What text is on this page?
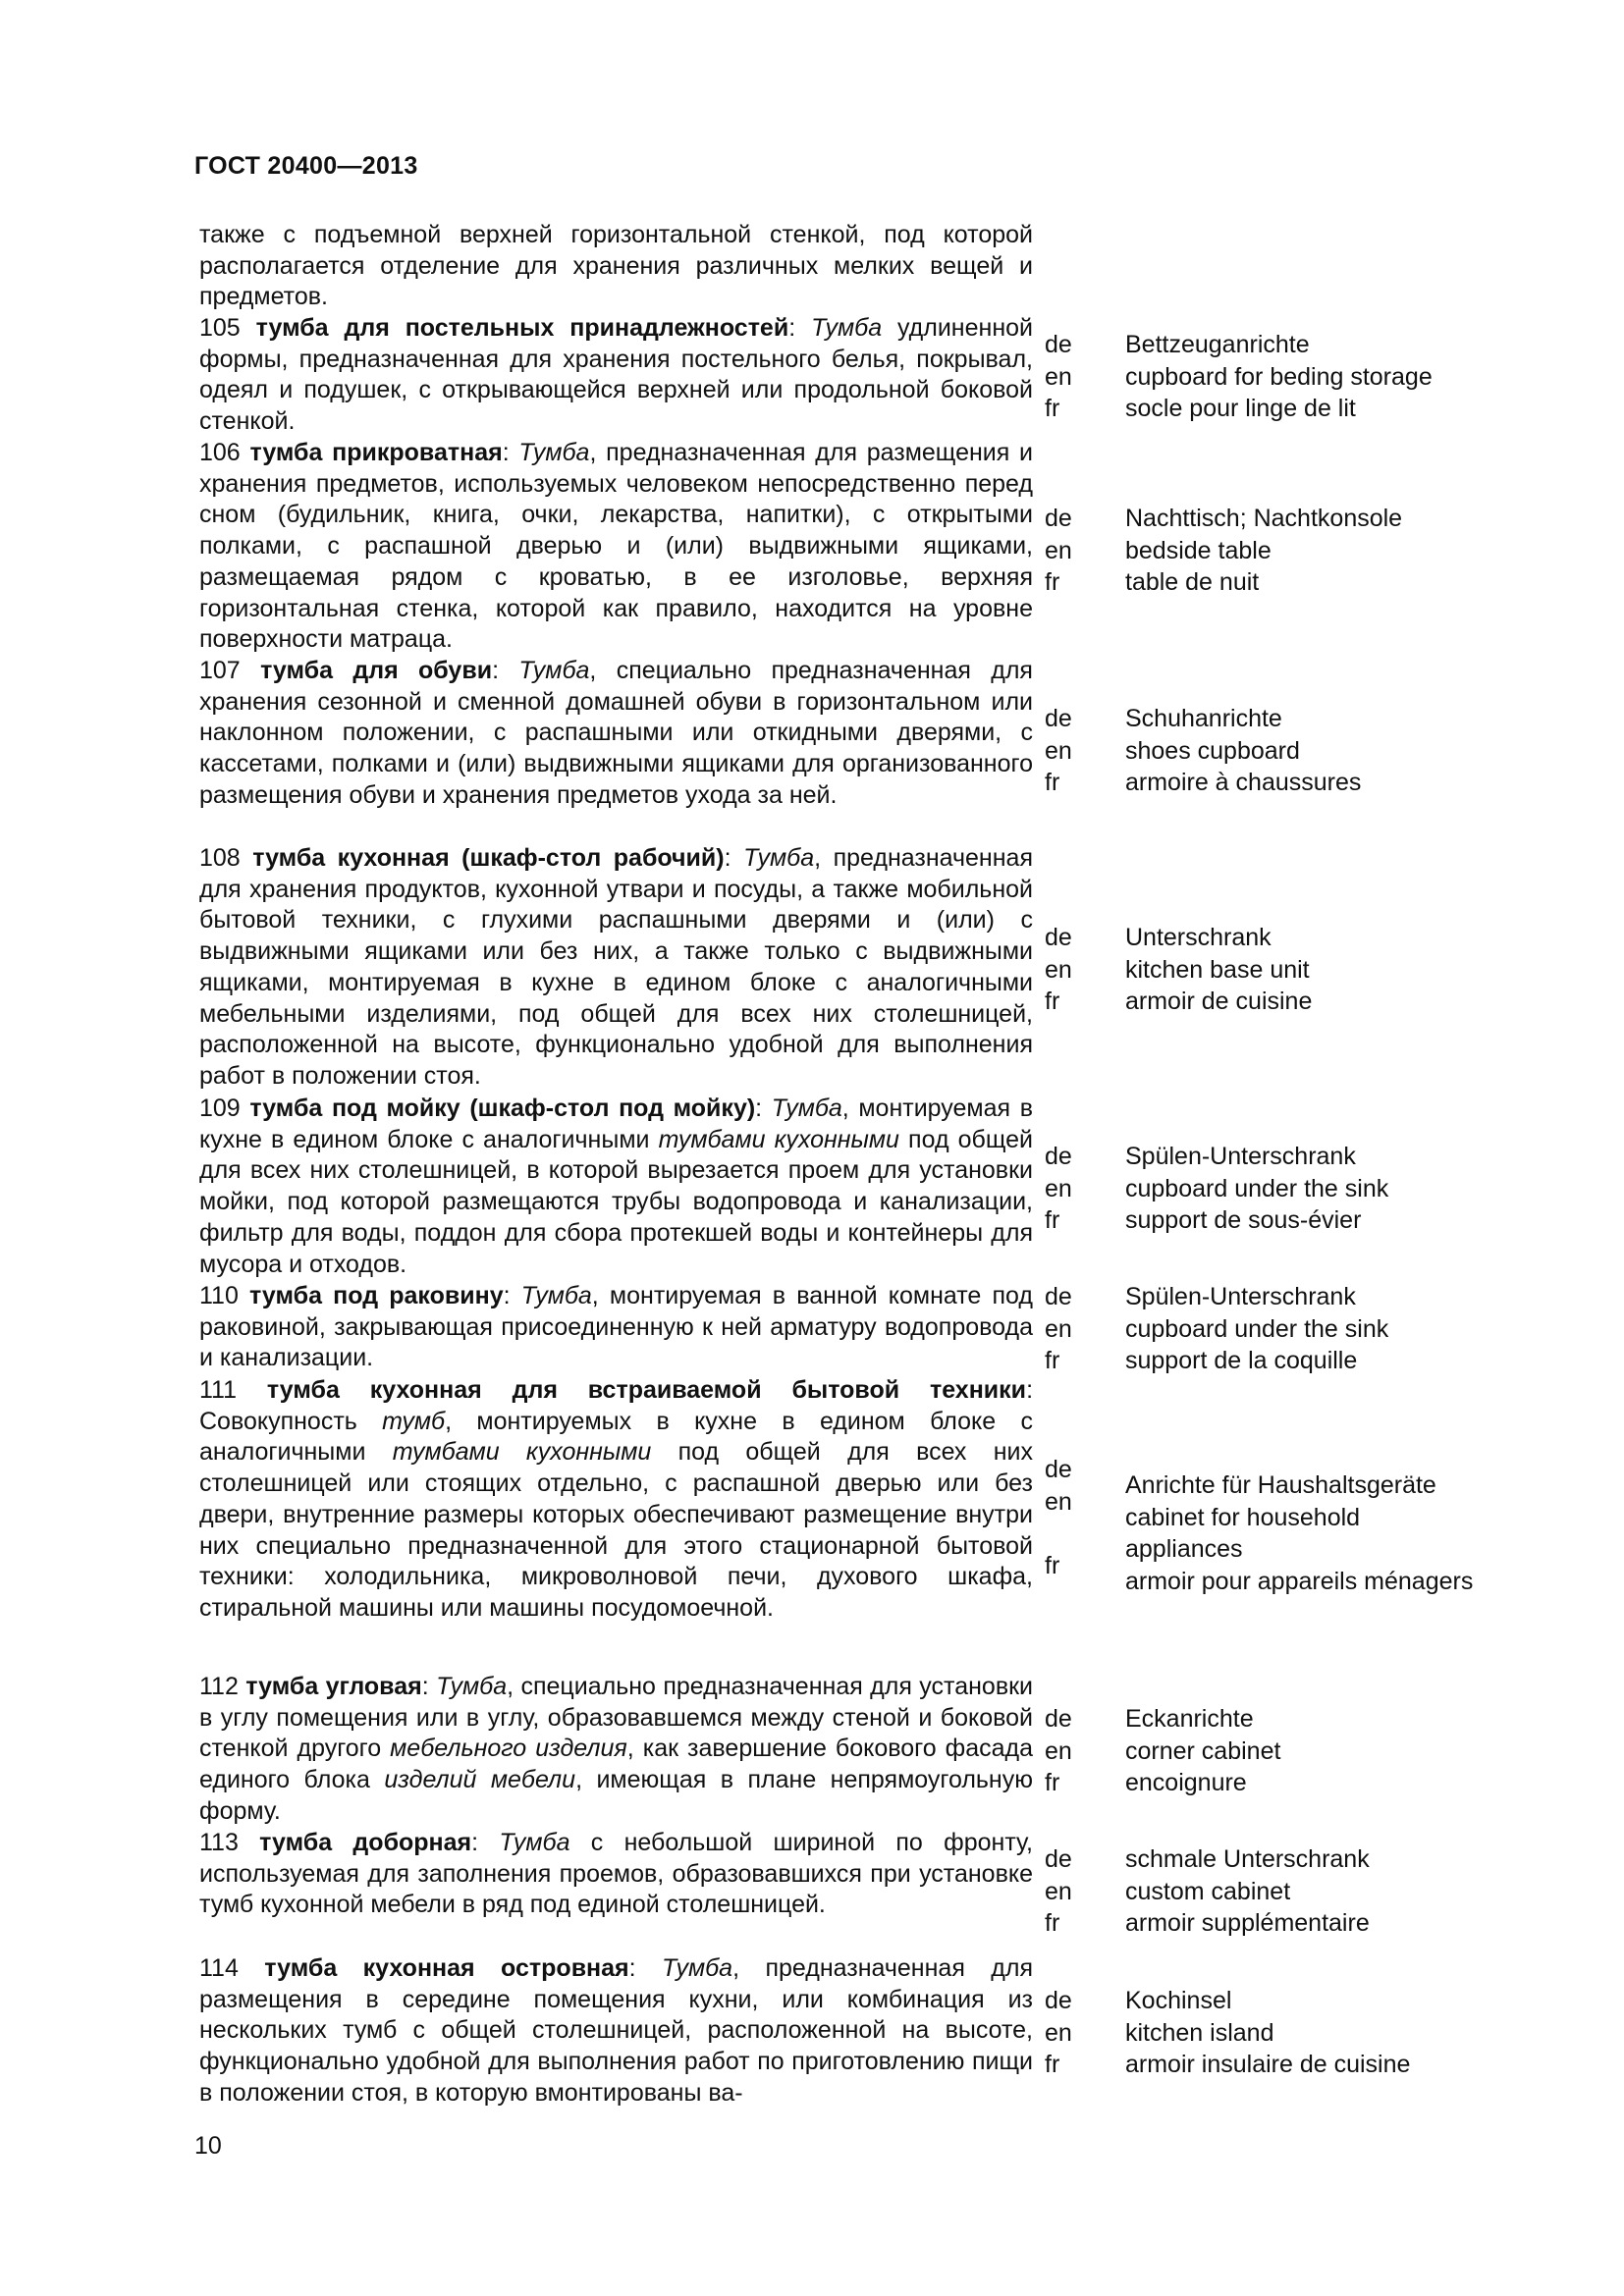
ГОСТ 20400—2013
также с подъемной верхней горизонтальной стенкой, под которой располагается отделение для хранения различных мелких вещей и предметов.
105 тумба для постельных принадлежностей: Тумба удлиненной формы, предназначенная для хранения постельного белья, покрывал, одеял и подушек, с открывающейся верхней или продольной боковой стенкой.
de
en
fr
Bettzeuganrichte
cupboard for beding storage
socle pour linge de lit
106 тумба прикроватная: Тумба, предназначенная для размещения и хранения предметов, используемых человеком непосредственно перед сном (будильник, книга, очки, лекарства, напитки), с открытыми полками, с распашной дверью и (или) выдвижными ящиками, размещаемая рядом с кроватью, в ее изголовье, верхняя горизонтальная стенка, которой как правило, находится на уровне поверхности матраца.
de
en
fr
Nachttisch; Nachtkonsole
bedside table
table de nuit
107 тумба для обуви: Тумба, специально предназначенная для хранения сезонной и сменной домашней обуви в горизонтальном или наклонном положении, с распашными или откидными дверями, с кассетами, полками и (или) выдвижными ящиками для организованного размещения обуви и хранения предметов ухода за ней.
de
en
fr
Schuhanrichte
shoes cupboard
armoire à chaussures
108 тумба кухонная (шкаф-стол рабочий): Тумба, предназначенная для хранения продуктов, кухонной утвари и посуды, а также мобильной бытовой техники, с глухими распашными дверями и (или) с выдвижными ящиками или без них, а также только с выдвижными ящиками, монтируемая в кухне в едином блоке с аналогичными мебельными изделиями, под общей для всех них столешницей, расположенной на высоте, функционально удобной для выполнения работ в положении стоя.
de
en
fr
Unterschrank
kitchen base unit
armoir de cuisine
109 тумба под мойку (шкаф-стол под мойку): Тумба, монтируемая в кухне в едином блоке с аналогичными тумбами кухонными под общей для всех них столешницей, в которой вырезается проем для установки мойки, под которой размещаются трубы водопровода и канализации, фильтр для воды, поддон для сбора протекшей воды и контейнеры для мусора и отходов.
de
en
fr
Spülen-Unterschrank
cupboard under the sink
support de sous-évier
110 тумба под раковину: Тумба, монтируемая в ванной комнате под раковиной, закрывающая присоединенную к ней арматуру водопровода и канализации.
de
en
fr
Spülen-Unterschrank
cupboard under the sink
support de la coquille
111 тумба кухонная для встраиваемой бытовой техники: Совокупность тумб, монтируемых в кухне в едином блоке с аналогичными тумбами кухонными под общей для всех них столешницей или стоящих отдельно, с распашной дверью или без двери, внутренние размеры которых обеспечивают размещение внутри них специально предназначенной для этого стационарной бытовой техники: холодильника, микроволновой печи, духового шкафа, стиральной машины или машины посудомоечной.
de
en
fr
Anrichte für Haushaltsgeräte
cabinet for household appliances
armoir pour appareils ménagers
112 тумба угловая: Тумба, специально предназначенная для установки в углу помещения или в углу, образовавшемся между стеной и боковой стенкой другого мебельного изделия, как завершение бокового фасада единого блока изделий мебели, имеющая в плане непрямоугольную форму.
de
en
fr
Eckanrichte
corner cabinet
encoignure
113 тумба доборная: Тумба с небольшой шириной по фронту, используемая для заполнения проемов, образовавшихся при установке тумб кухонной мебели в ряд под единой столешницей.
de
en
fr
schmale Unterschrank
custom cabinet
armoir supplémentaire
114 тумба кухонная островная: Тумба, предназначенная для размещения в середине помещения кухни, или комбинация из нескольких тумб с общей столешницей, расположенной на высоте, функционально удобной для выполнения работ по приготовлению пищи в положении стоя, в которую вмонтированы ва-
de
en
fr
Kochinsel
kitchen island
armoir insulaire de cuisine
10
